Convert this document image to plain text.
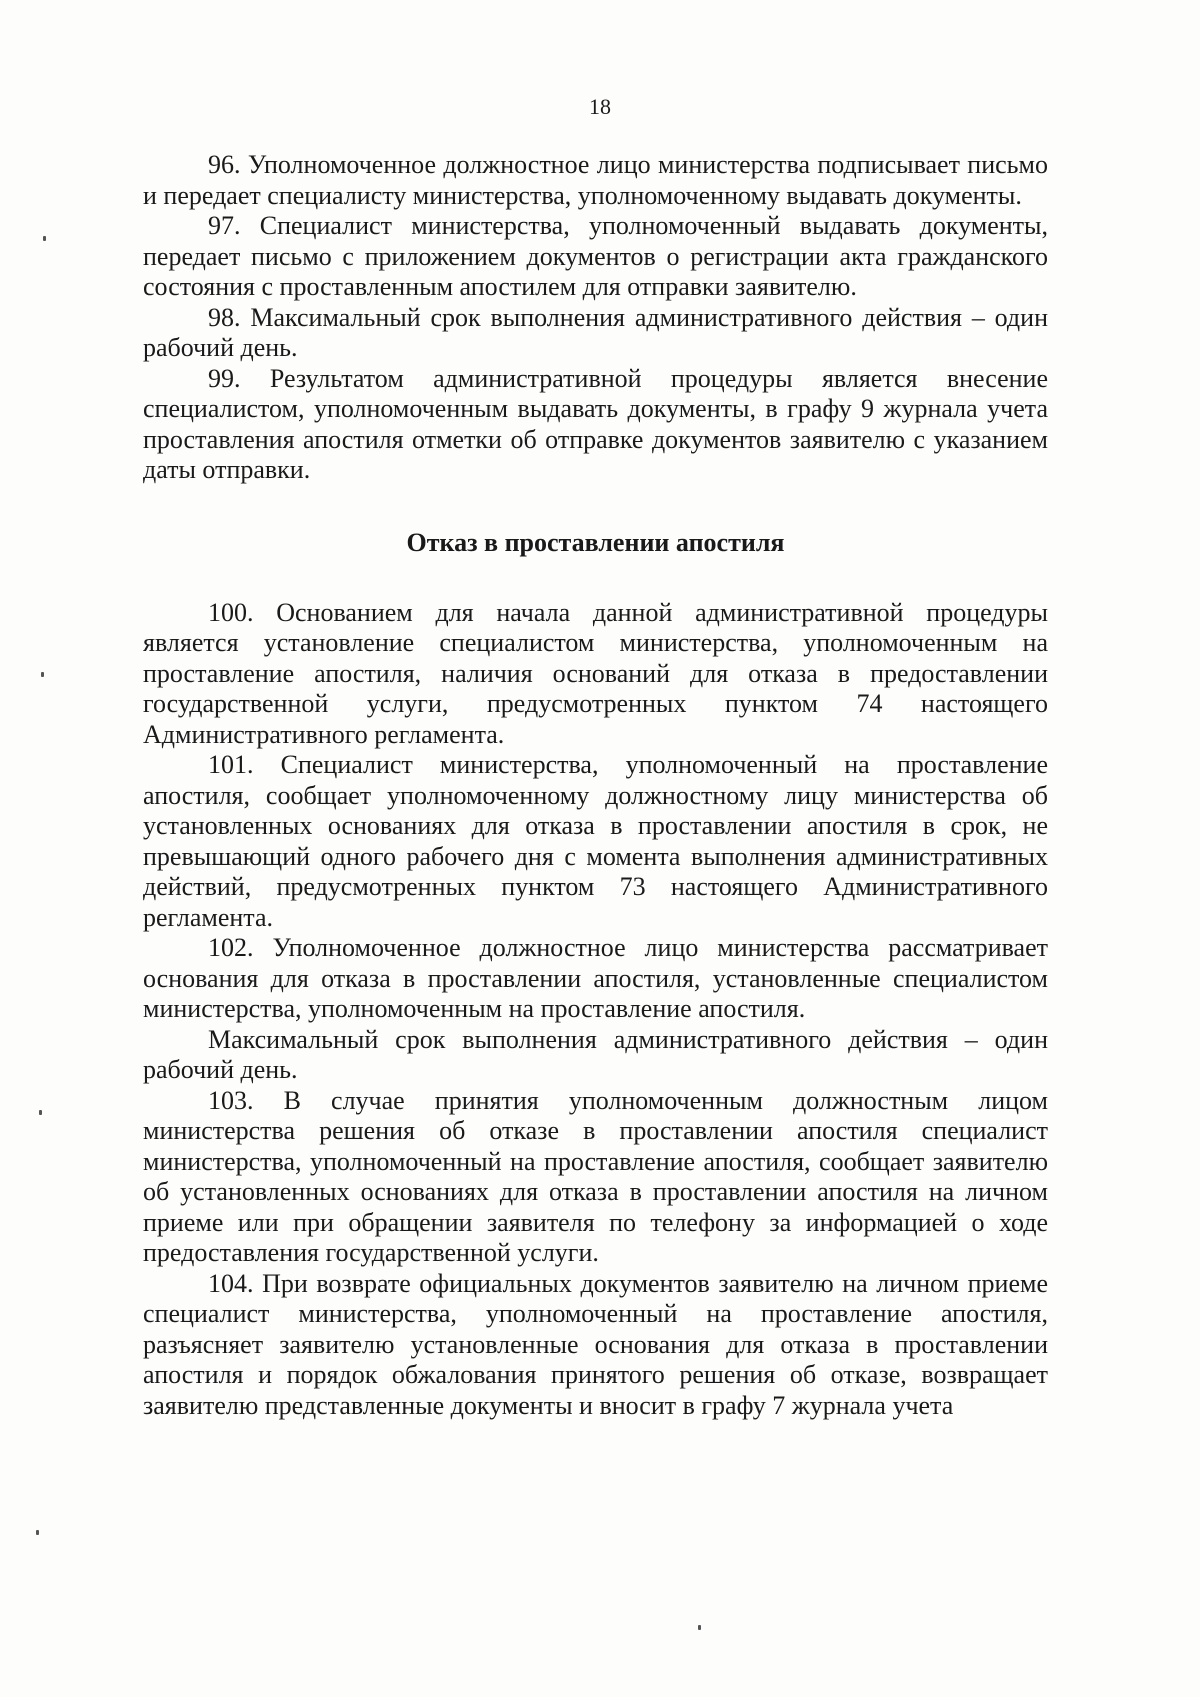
18

96. Уполномоченное должностное лицо министерства подписывает письмо и передает специалисту министерства, уполномоченному выдавать документы.

97. Специалист министерства, уполномоченный выдавать документы, передает письмо с приложением документов о регистрации акта гражданского состояния с проставленным апостилем для отправки заявителю.

98. Максимальный срок выполнения административного действия – один рабочий день.

99. Результатом административной процедуры является внесение специалистом, уполномоченным выдавать документы, в графу 9 журнала учета проставления апостиля отметки об отправке документов заявителю с указанием даты отправки.

Отказ в проставлении апостиля

100. Основанием для начала данной административной процедуры является установление специалистом министерства, уполномоченным на проставление апостиля, наличия оснований для отказа в предоставлении государственной услуги, предусмотренных пунктом 74 настоящего Административного регламента.

101. Специалист министерства, уполномоченный на проставление апостиля, сообщает уполномоченному должностному лицу министерства об установленных основаниях для отказа в проставлении апостиля в срок, не превышающий одного рабочего дня с момента выполнения административных действий, предусмотренных пунктом 73 настоящего Административного регламента.

102. Уполномоченное должностное лицо министерства рассматривает основания для отказа в проставлении апостиля, установленные специалистом министерства, уполномоченным на проставление апостиля.

Максимальный срок выполнения административного действия – один рабочий день.

103. В случае принятия уполномоченным должностным лицом министерства решения об отказе в проставлении апостиля специалист министерства, уполномоченный на проставление апостиля, сообщает заявителю об установленных основаниях для отказа в проставлении апостиля на личном приеме или при обращении заявителя по телефону за информацией о ходе предоставления государственной услуги.

104. При возврате официальных документов заявителю на личном приеме специалист министерства, уполномоченный на проставление апостиля, разъясняет заявителю установленные основания для отказа в проставлении апостиля и порядок обжалования принятого решения об отказе, возвращает заявителю представленные документы и вносит в графу 7 журнала учета
